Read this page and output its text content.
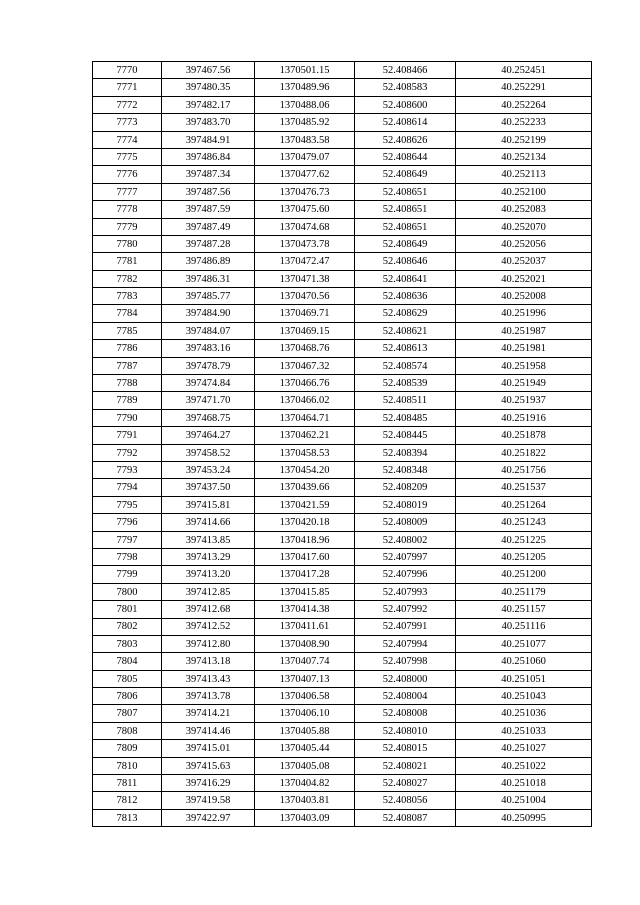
7770	397467.56	1370501.15	52.408466	40.252451
7771	397480.35	1370489.96	52.408583	40.252291
7772	397482.17	1370488.06	52.408600	40.252264
7773	397483.70	1370485.92	52.408614	40.252233
7774	397484.91	1370483.58	52.408626	40.252199
7775	397486.84	1370479.07	52.408644	40.252134
7776	397487.34	1370477.62	52.408649	40.252113
7777	397487.56	1370476.73	52.408651	40.252100
7778	397487.59	1370475.60	52.408651	40.252083
7779	397487.49	1370474.68	52.408651	40.252070
7780	397487.28	1370473.78	52.408649	40.252056
7781	397486.89	1370472.47	52.408646	40.252037
7782	397486.31	1370471.38	52.408641	40.252021
7783	397485.77	1370470.56	52.408636	40.252008
7784	397484.90	1370469.71	52.408629	40.251996
7785	397484.07	1370469.15	52.408621	40.251987
7786	397483.16	1370468.76	52.408613	40.251981
7787	397478.79	1370467.32	52.408574	40.251958
7788	397474.84	1370466.76	52.408539	40.251949
7789	397471.70	1370466.02	52.408511	40.251937
7790	397468.75	1370464.71	52.408485	40.251916
7791	397464.27	1370462.21	52.408445	40.251878
7792	397458.52	1370458.53	52.408394	40.251822
7793	397453.24	1370454.20	52.408348	40.251756
7794	397437.50	1370439.66	52.408209	40.251537
7795	397415.81	1370421.59	52.408019	40.251264
7796	397414.66	1370420.18	52.408009	40.251243
7797	397413.85	1370418.96	52.408002	40.251225
7798	397413.29	1370417.60	52.407997	40.251205
7799	397413.20	1370417.28	52.407996	40.251200
7800	397412.85	1370415.85	52.407993	40.251179
7801	397412.68	1370414.38	52.407992	40.251157
7802	397412.52	1370411.61	52.407991	40.251116
7803	397412.80	1370408.90	52.407994	40.251077
7804	397413.18	1370407.74	52.407998	40.251060
7805	397413.43	1370407.13	52.408000	40.251051
7806	397413.78	1370406.58	52.408004	40.251043
7807	397414.21	1370406.10	52.408008	40.251036
7808	397414.46	1370405.88	52.408010	40.251033
7809	397415.01	1370405.44	52.408015	40.251027
7810	397415.63	1370405.08	52.408021	40.251022
7811	397416.29	1370404.82	52.408027	40.251018
7812	397419.58	1370403.81	52.408056	40.251004
7813	397422.97	1370403.09	52.408087	40.250995
